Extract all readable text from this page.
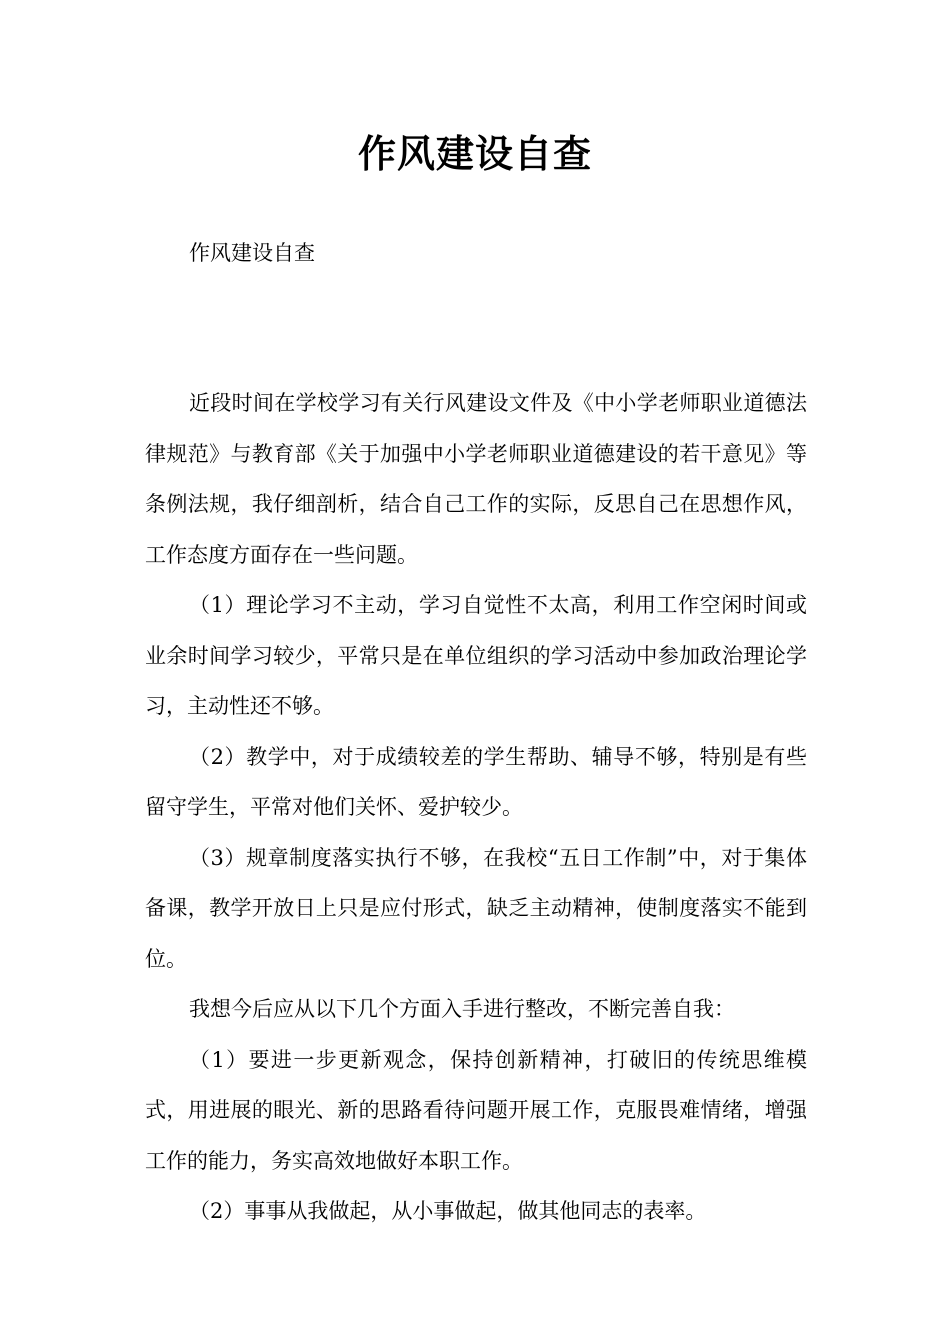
作风建设自查
作风建设自查

近段时间在学校学习有关行风建设文件及《中小学老师职业道德法律规范》与教育部《关于加强中小学老师职业道德建设的若干意见》等条例法规，我仔细剖析，结合自己工作的实际，反思自己在思想作风，工作态度方面存在一些问题。

（1）理论学习不主动，学习自觉性不太高，利用工作空闲时间或业余时间学习较少，平常只是在单位组织的学习活动中参加政治理论学习，主动性还不够。

（2）教学中，对于成绩较差的学生帮助、辅导不够，特别是有些留守学生，平常对他们关怀、爱护较少。

（3）规章制度落实执行不够，在我校“五日工作制”中，对于集体备课，教学开放日上只是应付形式，缺乏主动精神，使制度落实不能到位。

我想今后应从以下几个方面入手进行整改，不断完善自我：

（1）要进一步更新观念，保持创新精神，打破旧的传统思维模式，用进展的眼光、新的思路看待问题开展工作，克服畏难情绪，增强工作的能力，务实高效地做好本职工作。

（2）事事从我做起，从小事做起，做其他同志的表率。
